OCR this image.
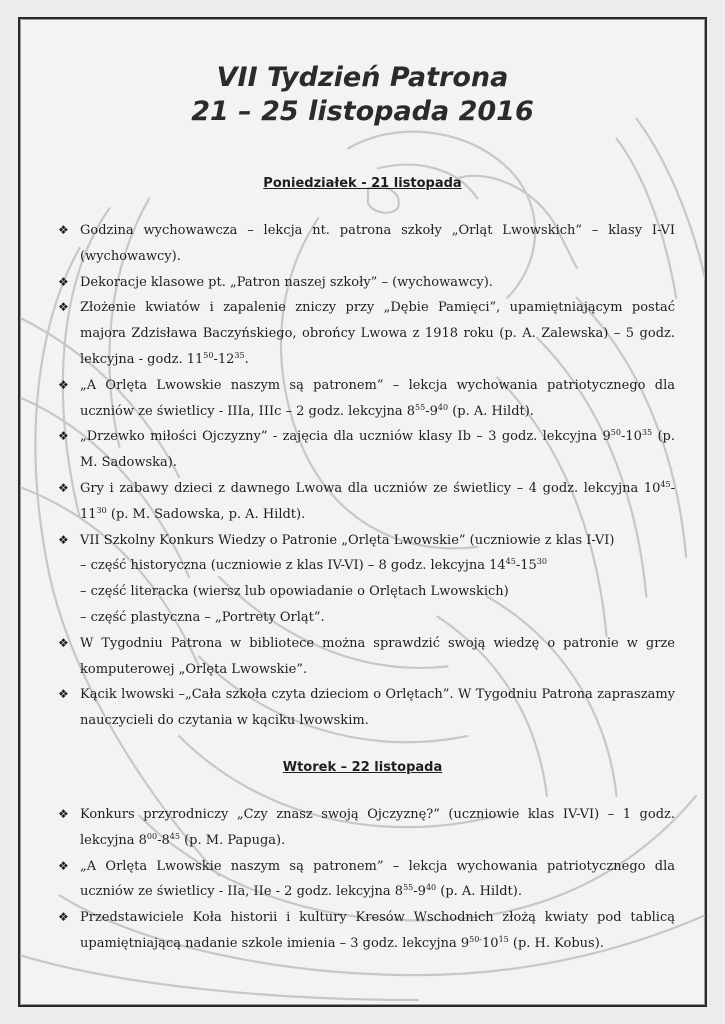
VII Tydzień Patrona
21 – 25 listopada 2016
Poniedziałek - 21 listopada
❖ Godzina wychowawcza – lekcja nt. patrona szkoły „Orląt Lwowskich” – klasy I-VI (wychowawcy).
❖ Dekoracje klasowe pt. „Patron naszej szkoły” – (wychowawcy).
❖ Złożenie kwiatów i zapalenie zniczy przy „Dębie Pamięci”, upamiętniającym postać majora Zdzisława Baczyńskiego, obrońcy Lwowa z 1918 roku (p. A. Zalewska) – 5 godz. lekcyjna - godz. $11^{50}-12^{35}$.
❖ „A Orlęta Lwowskie naszym są patronem” – lekcja wychowania patriotycznego dla uczniów ze świetlicy - IIIa, IIIc – 2 godz. lekcyjna $8^{55}-9^{40}$ (p. A. Hildt).
❖ „Drzewko miłości Ojczyzny” - zajęcia dla uczniów klasy Ib – 3 godz. lekcyjna $9^{50}-10^{35}$ (p. M. Sadowska).
❖ Gry i zabawy dzieci z dawnego Lwowa dla uczniów ze świetlicy – 4 godz. lekcyjna $10^{45}-11^{30}$ (p. M. Sadowska, p. A. Hildt).
❖ VII Szkolny Konkurs Wiedzy o Patronie „Orlęta Lwowskie” (uczniowie z klas I-VI)
– część historyczna (uczniowie z klas IV-VI) – 8 godz. lekcyjna $14^{45}-15^{30}$
– część literacka (wiersz lub opowiadanie o Orlętach Lwowskich)
– część plastyczna – „Portrety Orląt”.
❖ W Tygodniu Patrona w bibliotece można sprawdzić swoją wiedzę o patronie w grze komputerowej „Orlęta Lwowskie”.
❖ Kącik lwowski –„Cała szkoła czyta dzieciom o Orlętach”. W Tygodniu Patrona zapraszamy nauczycieli do czytania w kąciku lwowskim.
Wtorek – 22 listopada
❖ Konkurs przyrodniczy „Czy znasz swoją Ojczyznę?” (uczniowie klas IV-VI) – 1 godz. lekcyjna $8^{00}-8^{45}$ (p. M. Papuga).
❖ „A Orlęta Lwowskie naszym są patronem” – lekcja wychowania patriotycznego dla uczniów ze świetlicy - IIa, IIe - 2 godz. lekcyjna $8^{55}-9^{40}$ (p. A. Hildt).
❖ Przedstawiciele Koła historii i kultury Kresów Wschodnich złożą kwiaty pod tablicą upamiętniającą nadanie szkole imienia – 3 godz. lekcyjna $9^{50-}10^{15}$ (p. H. Kobus).
